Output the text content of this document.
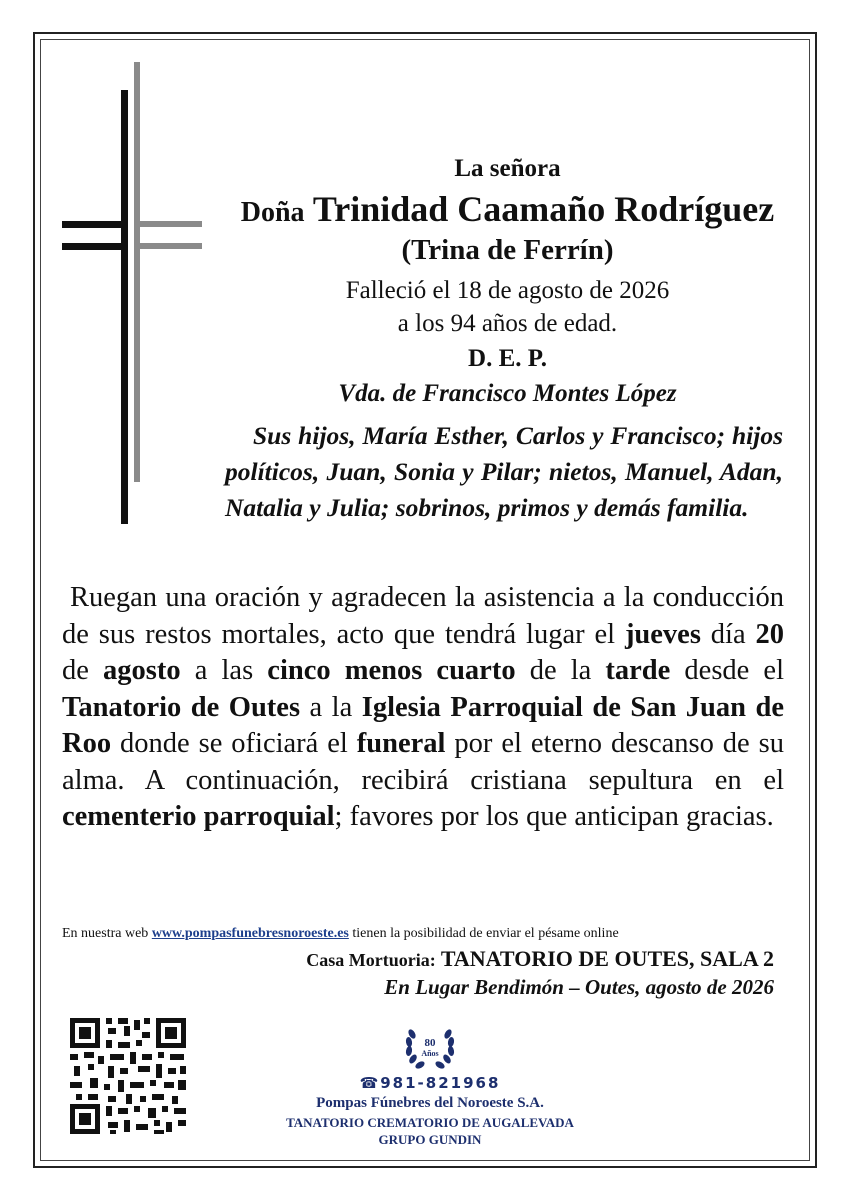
La señora
Doña Trinidad Caamaño Rodríguez
(Trina de Ferrín)
Falleció el 18 de agosto de 2026
a los 94 años de edad.
D. E. P.
Vda. de Francisco Montes López
Sus hijos, María Esther, Carlos y Francisco; hijos políticos, Juan, Sonia y Pilar; nietos, Manuel, Adan, Natalia y Julia; sobrinos, primos y demás familia.
Ruegan una oración y agradecen la asistencia a la conducción de sus restos mortales, acto que tendrá lugar el jueves día 20 de agosto a las cinco menos cuarto de la tarde desde el Tanatorio de Outes a la Iglesia Parroquial de San Juan de Roo donde se oficiará el funeral por el eterno descanso de su alma. A continuación, recibirá cristiana sepultura en el cementerio parroquial; favores por los que anticipan gracias.
En nuestra web www.pompasfunebresnoroeste.es tienen la posibilidad de enviar el pésame online
Casa Mortuoria: TANATORIO DE OUTES, SALA 2
En Lugar Bendimón – Outes, agosto de 2026
80
Años
☎981-821968
Pompas Fúnebres del Noroeste S.A.
TANATORIO CREMATORIO DE AUGALEVADA
GRUPO GUNDIN
